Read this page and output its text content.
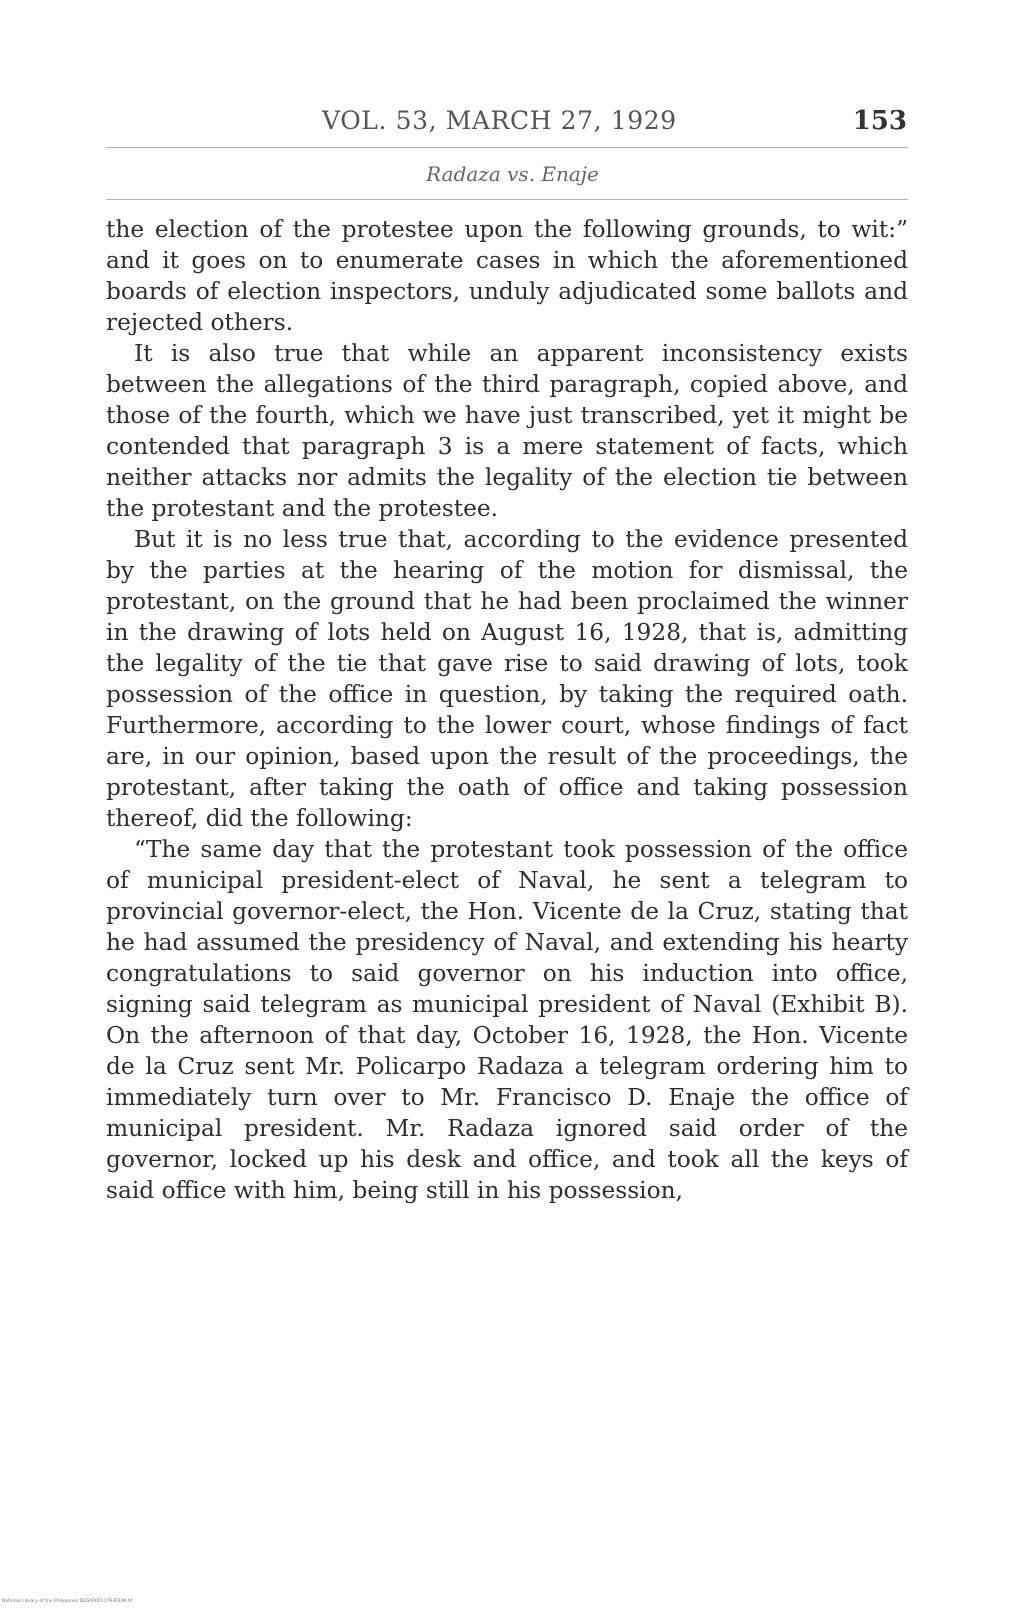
VOL. 53, MARCH 27, 1929	153
Radaza vs. Enaje

the election of the protestee upon the following grounds, to wit:” and it goes on to enumerate cases in which the aforementioned boards of election inspectors, unduly adjudicated some ballots and rejected others.

It is also true that while an apparent inconsistency exists between the allegations of the third paragraph, copied above, and those of the fourth, which we have just transcribed, yet it might be contended that paragraph 3 is a mere statement of facts, which neither attacks nor admits the legality of the election tie between the protestant and the protestee.

But it is no less true that, according to the evidence presented by the parties at the hearing of the motion for dismissal, the protestant, on the ground that he had been proclaimed the winner in the drawing of lots held on August 16, 1928, that is, admitting the legality of the tie that gave rise to said drawing of lots, took possession of the office in question, by taking the required oath. Furthermore, according to the lower court, whose findings of fact are, in our opinion, based upon the result of the proceedings, the protestant, after taking the oath of office and taking possession thereof, did the following:

“The same day that the protestant took possession of the office of municipal president-elect of Naval, he sent a telegram to provincial governor-elect, the Hon. Vicente de la Cruz, stating that he had assumed the presidency of Naval, and extending his hearty congratulations to said governor on his induction into office, signing said telegram as municipal president of Naval (Exhibit B). On the afternoon of that day, October 16, 1928, the Hon. Vicente de la Cruz sent Mr. Policarpo Radaza a telegram ordering him to immediately turn over to Mr. Francisco D. Enaje the office of municipal president. Mr. Radaza ignored said order of the governor, locked up his desk and office, and took all the keys of said office with him, being still in his possession,

National Library of the Philippines DGSP000117930196.tif
